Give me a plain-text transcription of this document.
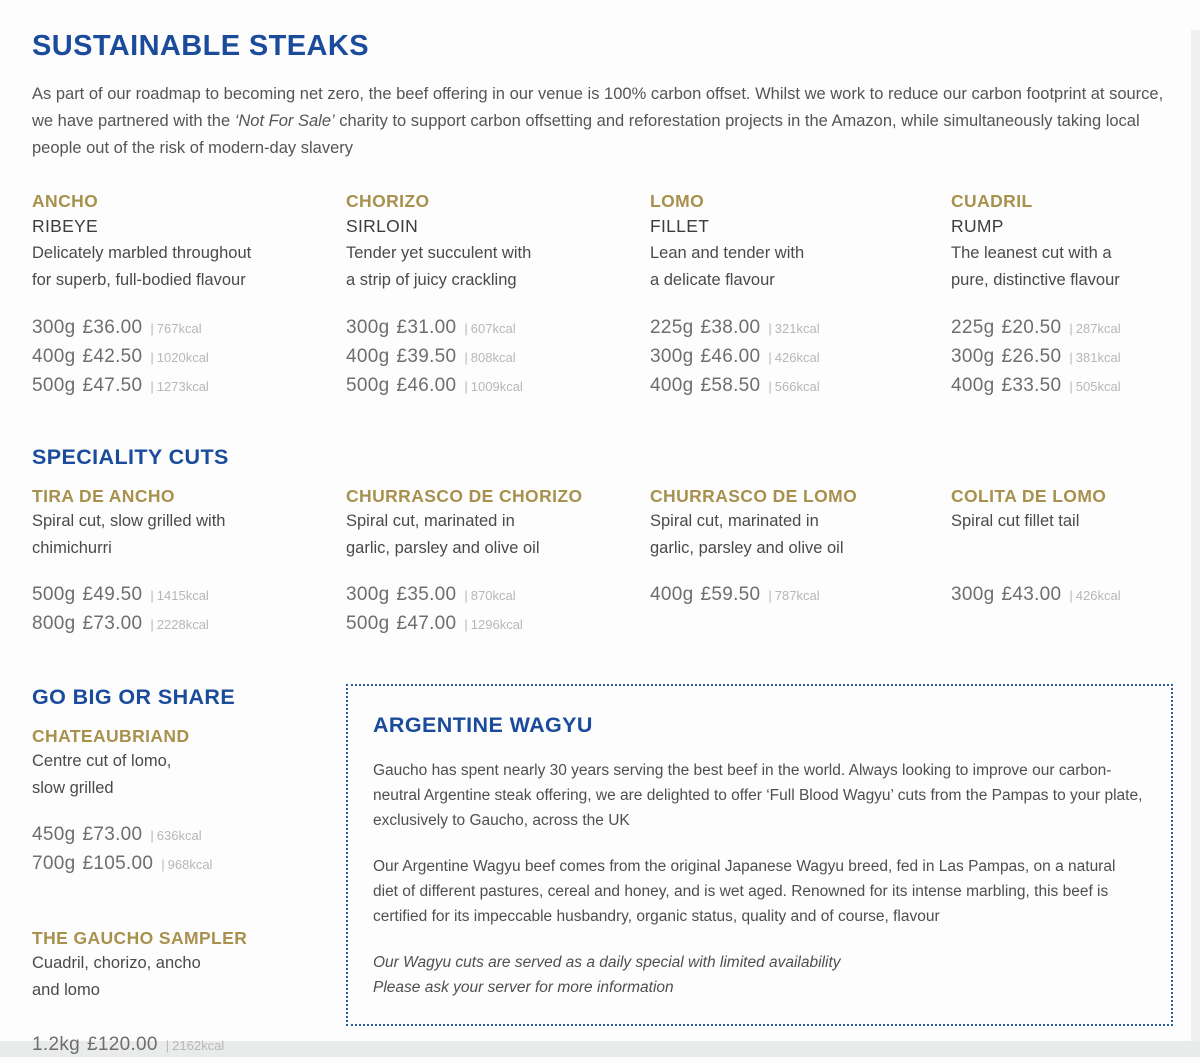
SUSTAINABLE STEAKS
As part of our roadmap to becoming net zero, the beef offering in our venue is 100% carbon offset. Whilst we work to reduce our carbon footprint at source, we have partnered with the ‘Not For Sale’ charity to support carbon offsetting and reforestation projects in the Amazon, while simultaneously taking local people out of the risk of modern-day slavery
ANCHO
RIBEYE
Delicately marbled throughout
for superb, full-bodied flavour
300g £36.00 | 767kcal
400g £42.50 | 1020kcal
500g £47.50 | 1273kcal
CHORIZO
SIRLOIN
Tender yet succulent with
a strip of juicy crackling
300g £31.00 | 607kcal
400g £39.50 | 808kcal
500g £46.00 | 1009kcal
LOMO
FILLET
Lean and tender with
a delicate flavour
225g £38.00 | 321kcal
300g £46.00 | 426kcal
400g £58.50 | 566kcal
CUADRIL
RUMP
The leanest cut with a
pure, distinctive flavour
225g £20.50 | 287kcal
300g £26.50 | 381kcal
400g £33.50 | 505kcal
SPECIALITY CUTS
TIRA DE ANCHO
Spiral cut, slow grilled with
chimichurri
500g £49.50 | 1415kcal
800g £73.00 | 2228kcal
CHURRASCO DE CHORIZO
Spiral cut, marinated in
garlic, parsley and olive oil
300g £35.00 | 870kcal
500g £47.00 | 1296kcal
CHURRASCO DE LOMO
Spiral cut, marinated in
garlic, parsley and olive oil
400g £59.50 | 787kcal
COLITA DE LOMO
Spiral cut fillet tail
300g £43.00 | 426kcal
GO BIG OR SHARE
CHATEAUBRIAND
Centre cut of lomo,
slow grilled
450g £73.00 | 636kcal
700g £105.00 | 968kcal
THE GAUCHO SAMPLER
Cuadril, chorizo, ancho
and lomo
1.2kg £120.00 | 2162kcal
ARGENTINE WAGYU
Gaucho has spent nearly 30 years serving the best beef in the world. Always looking to improve our carbon-neutral Argentine steak offering, we are delighted to offer ‘Full Blood Wagyu’ cuts from the Pampas to your plate, exclusively to Gaucho, across the UK
Our Argentine Wagyu beef comes from the original Japanese Wagyu breed, fed in Las Pampas, on a natural diet of different pastures, cereal and honey, and is wet aged. Renowned for its intense marbling, this beef is certified for its impeccable husbandry, organic status, quality and of course, flavour
Our Wagyu cuts are served as a daily special with limited availability
Please ask your server for more information
